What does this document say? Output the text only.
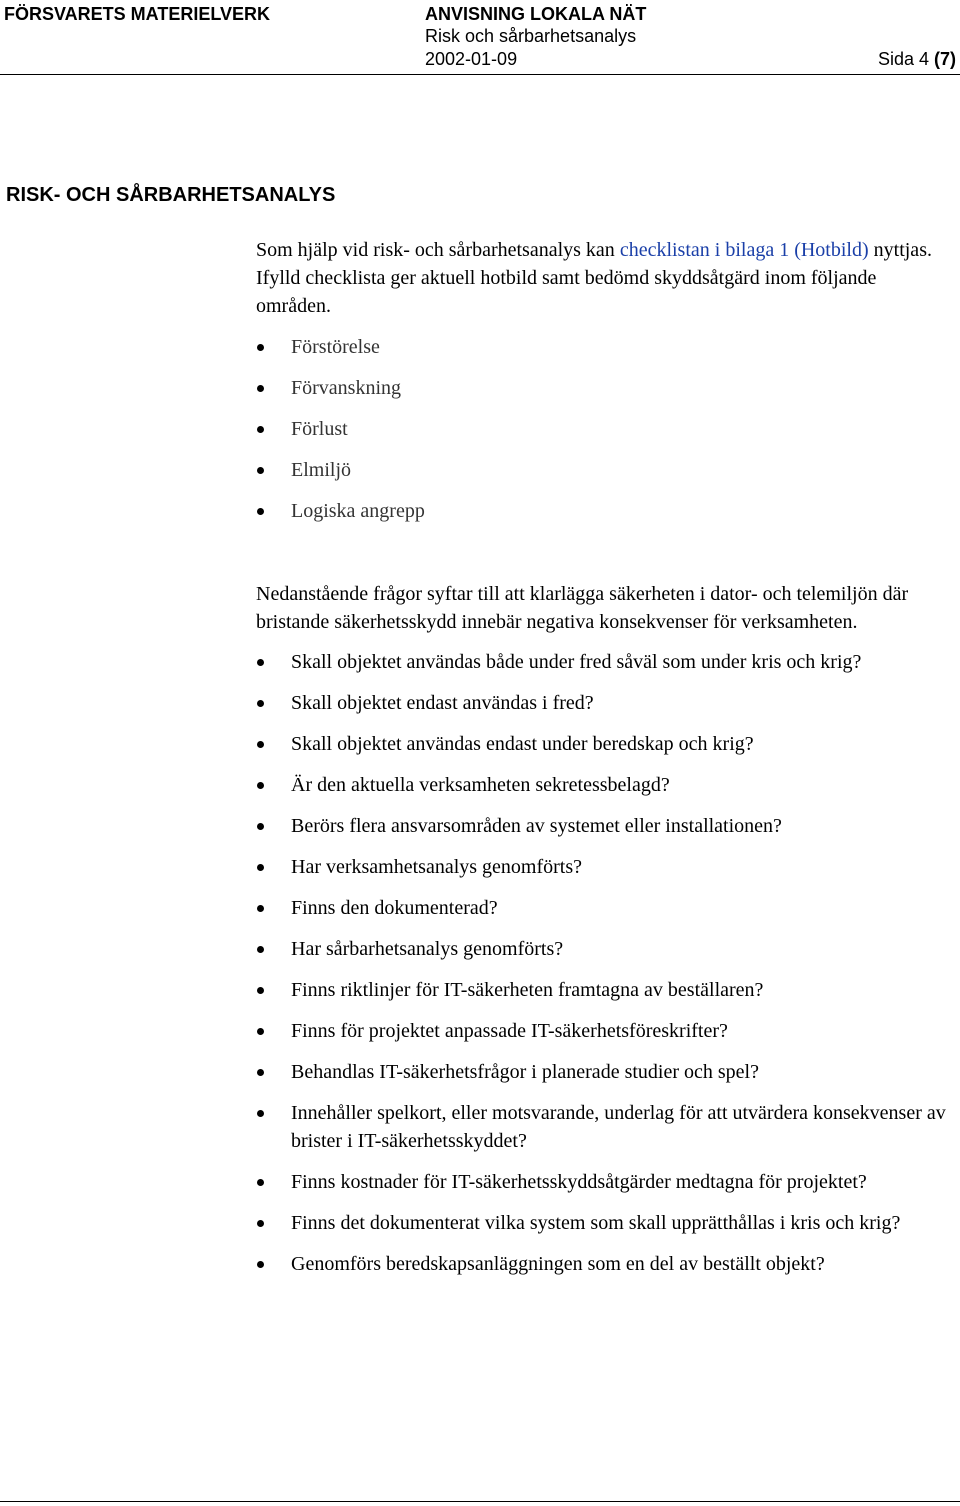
FÖRSVARETS MATERIELVERK	ANVISNING LOKALA NÄT
Risk och sårbarhetsanalys
2002-01-09	Sida 4 (7)
RISK- OCH SÅRBARHETSANALYS

Som hjälp vid risk- och sårbarhetsanalys kan checklistan i bilaga 1 (Hotbild) nyttjas. Ifylld checklista ger aktuell hotbild samt bedömd skyddsåtgärd inom följande områden.

Förstörelse
Förvanskning
Förlust
Elmiljö
Logiska angrepp

Nedanstående frågor syftar till att klarlägga säkerheten i dator- och telemiljön där bristande säkerhetsskydd innebär negativa konsekvenser för verksamheten.

Skall objektet användas både under fred såväl som under kris och krig?
Skall objektet endast användas i fred?
Skall objektet användas endast under beredskap och krig?
Är den aktuella verksamheten sekretessbelagd?
Berörs flera ansvarsområden av systemet eller installationen?
Har verksamhetsanalys genomförts?
Finns den dokumenterad?
Har sårbarhetsanalys genomförts?
Finns riktlinjer för IT-säkerheten framtagna av beställaren?
Finns för projektet anpassade IT-säkerhetsföreskrifter?
Behandlas IT-säkerhetsfrågor i planerade studier och spel?
Innehåller spelkort, eller motsvarande, underlag för att utvärdera konsekvenser av brister i IT-säkerhetsskyddet?
Finns kostnader för IT-säkerhetsskyddsåtgärder medtagna för projektet?
Finns det dokumenterat vilka system som skall upprätthållas i kris och krig?
Genomförs beredskapsanläggningen som en del av beställt objekt?
